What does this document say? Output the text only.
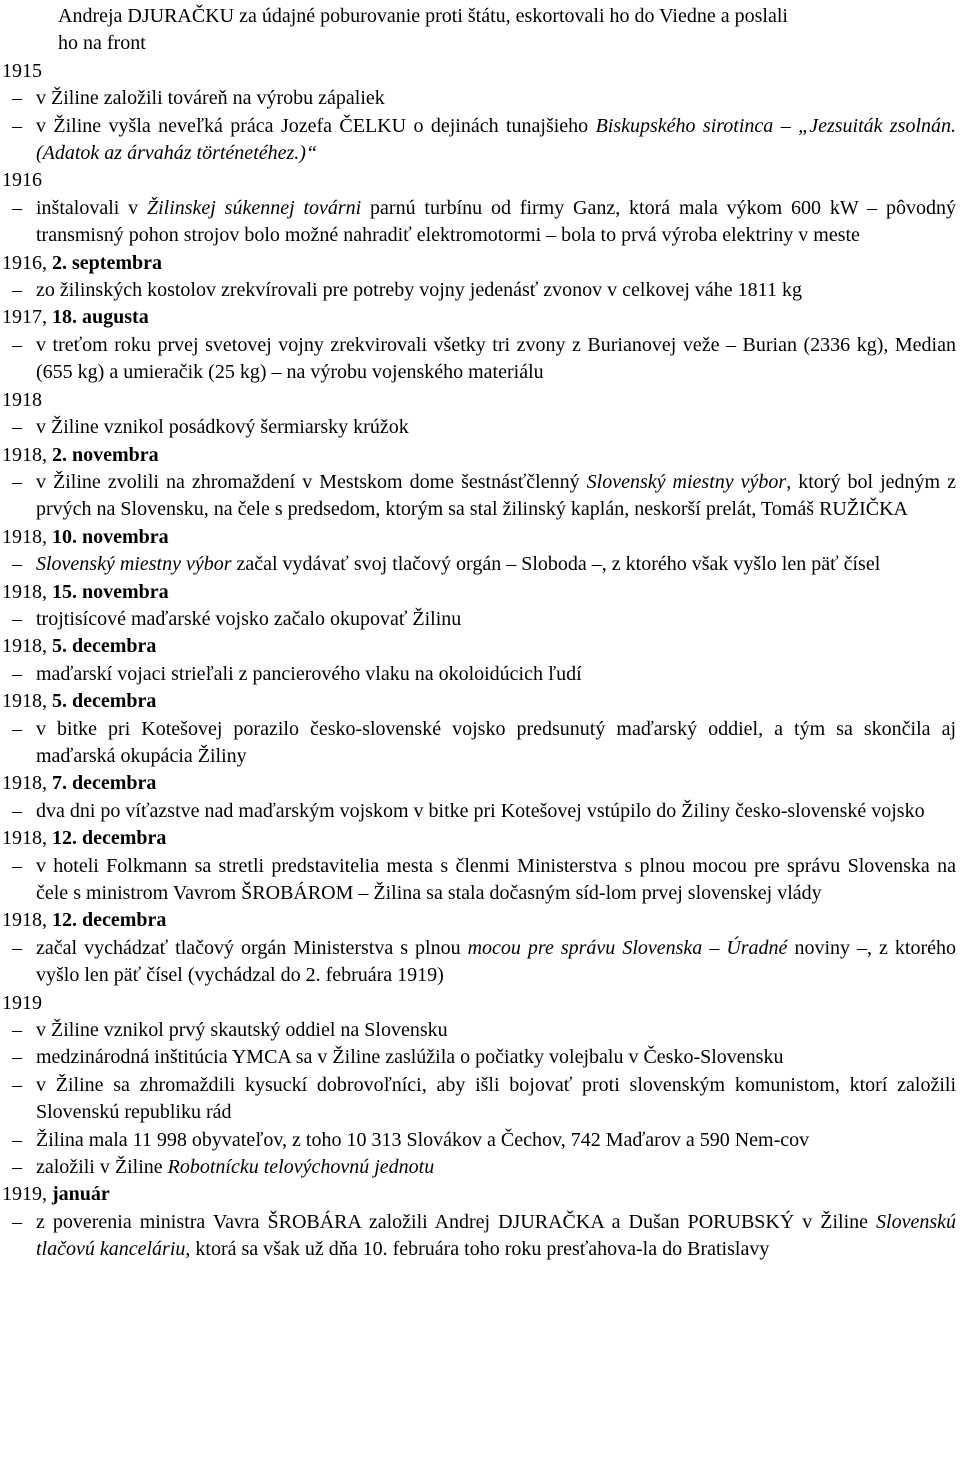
Andreja DJURAČKU za údajné poburovanie proti štátu, eskortovali ho do Viedne a poslali
ho na front
1915
– v Žiline založili továreň na výrobu zápaliek
– v Žiline vyšla neveľká práca Jozefa ČELKU o dejinách tunajšieho Biskupského sirotinca – „Jezsuiták zsolnán. (Adatok az árvaház történetéhez.)“
1916
– inštalovali v Žilinskej súkennej továrni parnú turbínu od firmy Ganz, ktorá mala výkom 600 kW – pôvodný transmisný pohon strojov bolo možné nahradiť elektromotormi – bola to prvá výroba elektriny v meste
1916, 2. septembra
– zo žilinských kostolov zrekvírovali pre potreby vojny jedenásť zvonov v celkovej váhe 1811 kg
1917, 18. augusta
– v treťom roku prvej svetovej vojny zrekvirovali všetky tri zvony z Burianovej veže – Burian (2336 kg), Median (655 kg) a umieračik (25 kg) – na výrobu vojenského materiálu
1918
– v Žiline vznikol posádkový šermiarsky krúžok
1918, 2. novembra
– v Žiline zvolili na zhromaždení v Mestskom dome šestnásťčlenný Slovenský miestny výbor, ktorý bol jedným z prvých na Slovensku, na čele s predsedom, ktorým sa stal žilinský kaplán, neskorší prelát, Tomáš RUŽIČKA
1918, 10. novembra
– Slovenský miestny výbor začal vydávať svoj tlačový orgán – Sloboda –, z ktorého však vyšlo len päť čísel
1918, 15. novembra
– trojtisícové maďarské vojsko začalo okupovať Žilinu
1918, 5. decembra
– maďarskí vojaci strieľali z pancierového vlaku na okoloidúcich ľudí
1918, 5. decembra
– v bitke pri Kotešovej porazilo česko-slovenské vojsko predsunutý maďarský oddiel, a tým sa skončila aj maďarská okupácia Žiliny
1918, 7. decembra
– dva dni po víťazstve nad maďarským vojskom v bitke pri Kotešovej vstúpilo do Žiliny česko-slovenské vojsko
1918, 12. decembra
– v hoteli Folkmann sa stretli predstavitelia mesta s členmi Ministerstva s plnou mocou pre správu Slovenska na čele s ministrom Vavrom ŠROBÁROM – Žilina sa stala dočasným síd-lom prvej slovenskej vlády
1918, 12. decembra
– začal vychádzať tlačový orgán Ministerstva s plnou mocou pre správu Slovenska – Úradné noviny –, z ktorého vyšlo len päť čísel (vychádzal do 2. februára 1919)
1919
– v Žiline vznikol prvý skautský oddiel na Slovensku
– medzinárodná inštitúcia YMCA sa v Žiline zaslúžila o počiatky volejbalu v Česko-Slovensku
– v Žiline sa zhromaždili kysuckí dobrovoľníci, aby išli bojovať proti slovenským komunistom, ktorí založili Slovenskú republiku rád
– Žilina mala 11 998 obyvateľov, z toho 10 313 Slovákov a Čechov, 742 Maďarov a 590 Nem-cov
– založili v Žiline Robotnícku telovýchovnú jednotu
1919, január
– z poverenia ministra Vavra ŠROBÁRA založili Andrej DJURAČKA a Dušan PORUBSKÝ v Žiline Slovenskú tlačovú kanceláriu, ktorá sa však už dňa 10. februára toho roku presťahova-la do Bratislavy
